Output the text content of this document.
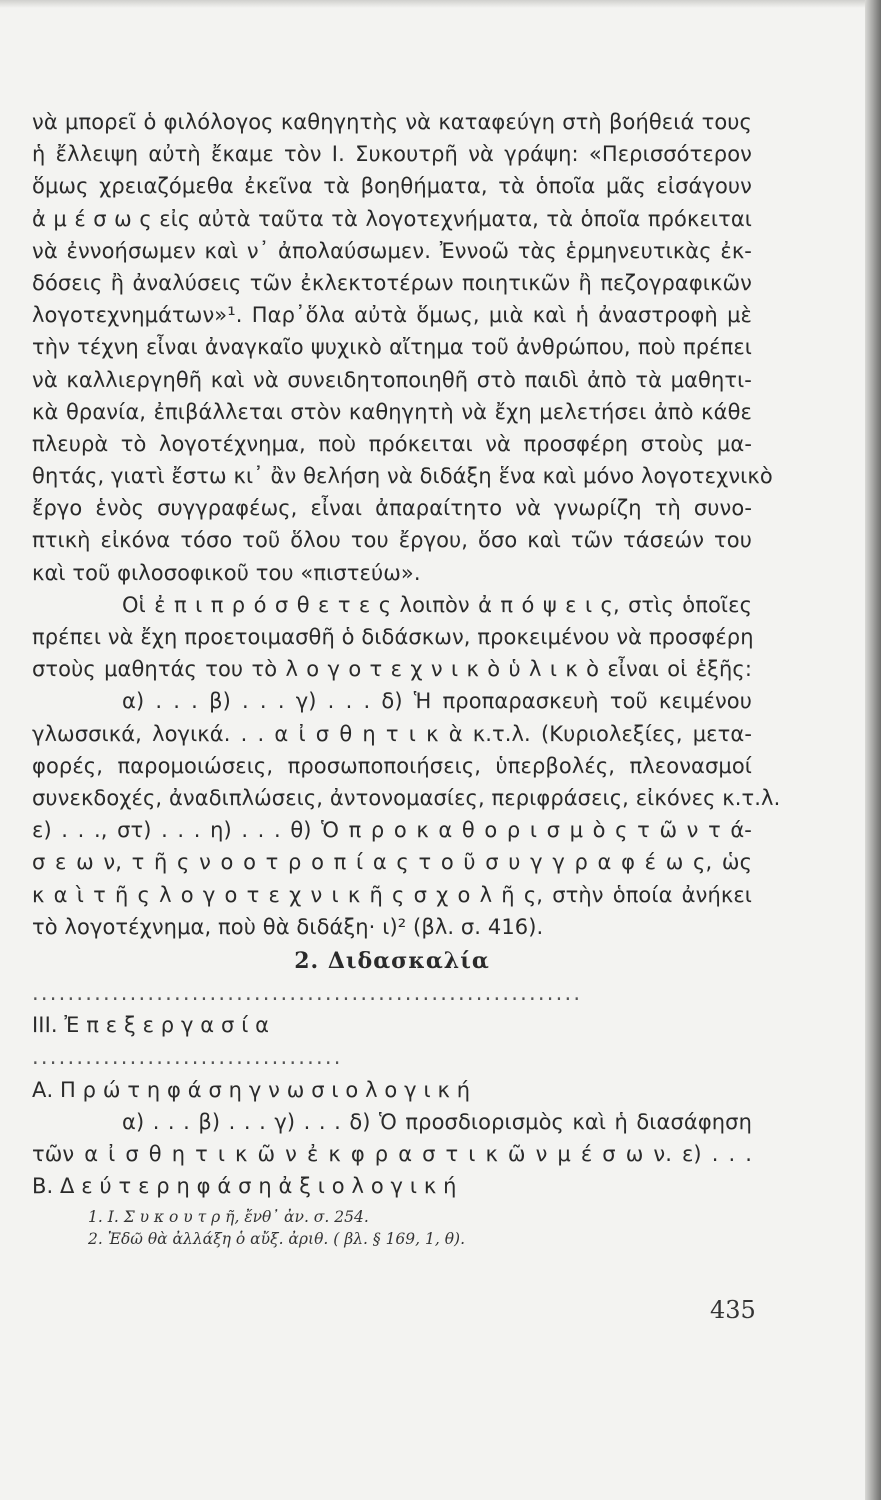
νὰ μπορεῖ ὁ φιλόλογος καθηγητὴς νὰ καταφεύγη στὴ βοήθειά τους
ἡ ἔλλειψη αὐτὴ ἔκαμε τὸν Ι. Συκουτρῆ νὰ γράψη: «Περισσότερον
ὅμως χρειαζόμεθα ἐκεῖνα τὰ βοηθήματα, τὰ ὁποῖα μᾶς εἰσάγουν
ἀ μ έ σ ω ς εἰς αὐτὰ ταῦτα τὰ λογοτεχνήματα, τὰ ὁποῖα πρόκειται
νὰ ἐννοήσωμεν καὶ ν᾽ ἀπολαύσωμεν. Ἐννοῶ τὰς ἑρμηνευτικὰς ἐκ-
δόσεις ἢ ἀναλύσεις τῶν ἐκλεκτοτέρων ποιητικῶν ἢ πεζογραφικῶν
λογοτεχνημάτων»¹. Παρ᾽ὅλα αὐτὰ ὅμως, μιὰ καὶ ἡ ἀναστροφὴ μὲ
τὴν τέχνη εἶναι ἀναγκαῖο ψυχικὸ αἴτημα τοῦ ἀνθρώπου, ποὺ πρέπει
νὰ καλλιεργηθῆ καὶ νὰ συνειδητοποιηθῆ στὸ παιδὶ ἀπὸ τὰ μαθητι-
κὰ θρανία, ἐπιβάλλεται στὸν καθηγητὴ νὰ ἔχη μελετήσει ἀπὸ κάθε
πλευρὰ τὸ λογοτέχνημα, ποὺ πρόκειται νὰ προσφέρη στοὺς μα-
θητάς, γιατὶ ἔστω κι᾽ ἂν θελήση νὰ διδάξη ἕνα καὶ μόνο λογοτεχνικὸ
ἔργο ἑνὸς συγγραφέως, εἶναι ἀπαραίτητο νὰ γνωρίζη τὴ συνο-
πτικὴ εἰκόνα τόσο τοῦ ὅλου του ἔργου, ὅσο καὶ τῶν τάσεών του
καὶ τοῦ φιλοσοφικοῦ του «πιστεύω».
Οἱ ἐ π ι π ρ ό σ θ ε τ ε ς λοιπὸν ἀ π ό ψ ε ι ς, στὶς ὁποῖες
πρέπει νὰ ἔχη προετοιμασθῆ ὁ διδάσκων, προκειμένου νὰ προσφέρη
στοὺς μαθητάς του τὸ λ ο γ ο τ ε χ ν ι κ ὸ ὑ λ ι κ ὸ εἶναι οἱ ἑξῆς:
α) . . . β) . . . γ) . . . δ) Ἡ προπαρασκευὴ τοῦ κειμένου
γλωσσικά, λογικά. . . α ἰ σ θ η τ ι κ ὰ κ.τ.λ. (Κυριολεξίες, μετα-
φορές, παρομοιώσεις, προσωποποιήσεις, ὑπερβολές, πλεονασμοί
συνεκδοχές, ἀναδιπλώσεις, ἀντονομασίες, περιφράσεις, εἰκόνες κ.τ.λ.
ε) . . ., στ) . . . η) . . . θ) Ὁ π ρ ο κ α θ ο ρ ι σ μ ὸ ς τ ῶ ν τ ά-
σ ε ω ν, τ ῆ ς ν ο ο τ ρ ο π ί α ς τ ο ῦ σ υ γ γ ρ α φ έ ω ς, ὡς
κ α ὶ τ ῆ ς λ ο γ ο τ ε χ ν ι κ ῆ ς σ χ ο λ ῆ ς, στὴν ὁποία ἀνήκει
τὸ λογοτέχνημα, ποὺ θὰ διδάξη· ι)² (βλ. σ. 416).
2. Διδασκαλία
..............................................................
ΙΙΙ. Ἐ π ε ξ ε ρ γ α σ ί α
...................................
Α. Π ρ ώ τ η φ ά σ η γ ν ω σ ι ο λ ο γ ι κ ή
α) . . . β) . . . γ) . . . δ) Ὁ προσδιορισμὸς καὶ ἡ διασάφηση
τῶν α ἰ σ θ η τ ι κ ῶ ν ἐ κ φ ρ α σ τ ι κ ῶ ν μ έ σ ω ν. ε) . . .
Β. Δ ε ύ τ ε ρ η φ ά σ η ἀ ξ ι ο λ ο γ ι κ ή
1. Ι. Σ υ κ ο υ τ ρ ῆ, ἔνθ᾽ ἀν. σ. 254.
2. Ἐδῶ θὰ ἀλλάξη ὁ αὔξ. ἀριθ. ( βλ. § 169, 1, θ).
435
